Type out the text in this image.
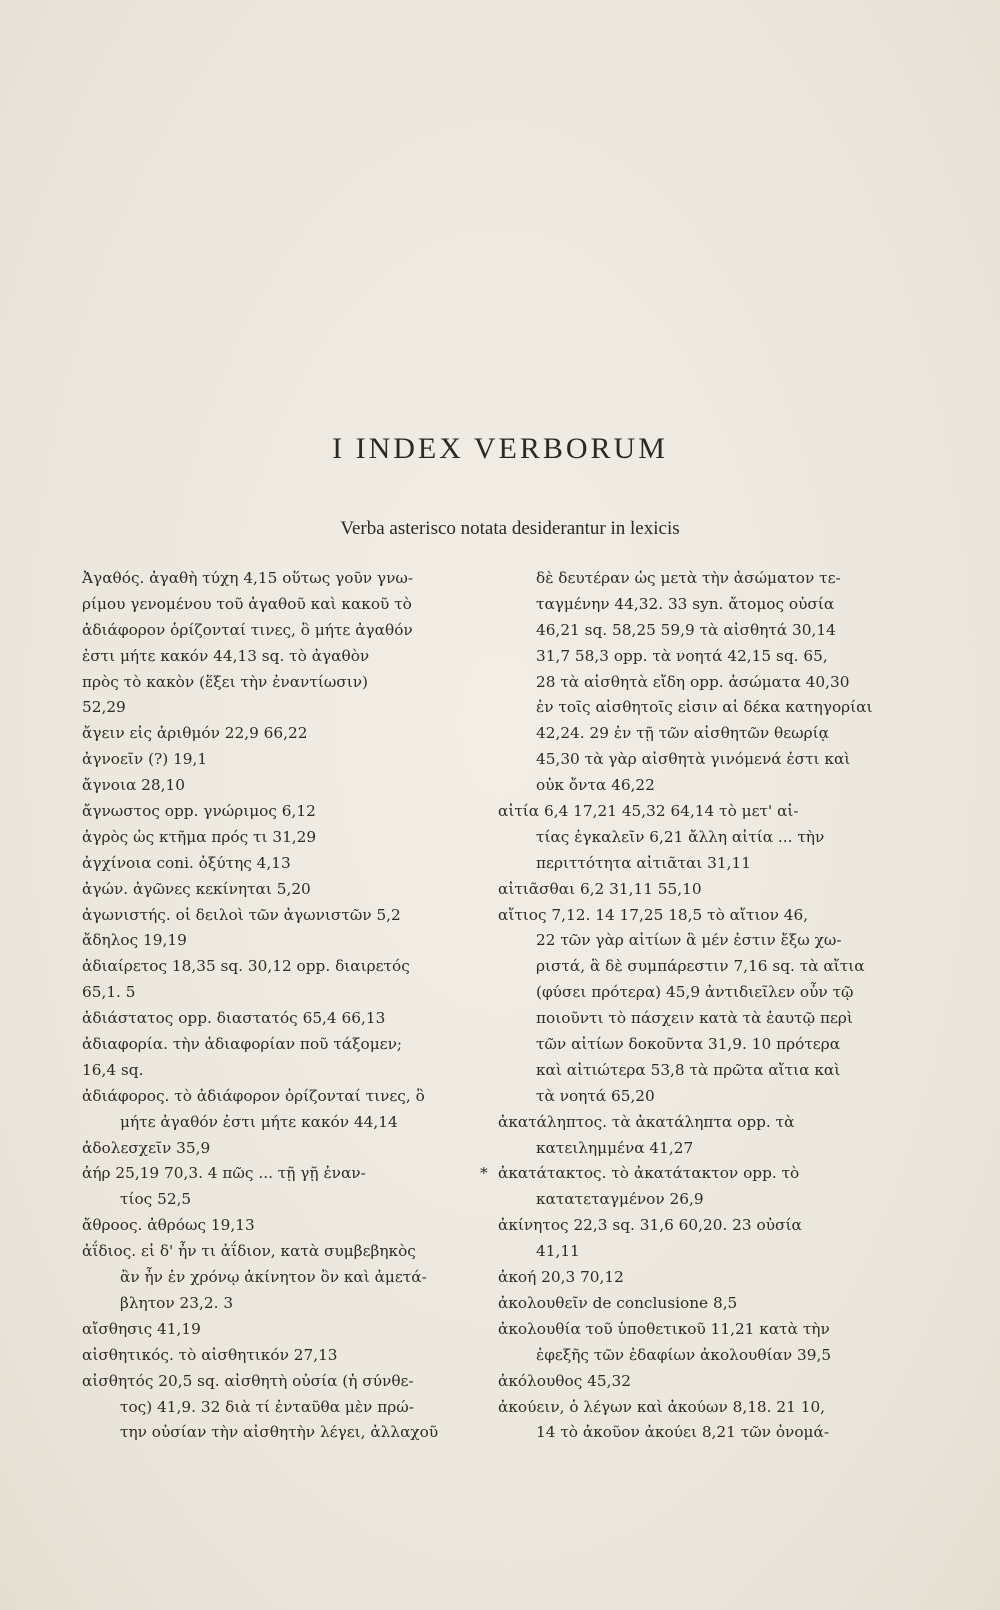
I INDEX VERBORUM
Verba asterisco notata desiderantur in lexicis
Ἀγαθός. ἀγαθὴ τύχη 4,15 οὕτως γοῦν γνω-
ρίμου γενομένου τοῦ ἀγαθοῦ καὶ κακοῦ τὸ
ἀδιάφορον ὁρίζονταί τινες, ὃ μήτε ἀγαθόν
ἐστι μήτε κακόν 44,13 sq. τὸ ἀγαθὸν
πρὸς τὸ κακὸν (ἕξει τὴν ἐναντίωσιν)
52,29
ἄγειν εἰς ἀριθμόν 22,9 66,22
ἀγνοεῖν (?) 19,1
ἄγνοια 28,10
ἄγνωστος opp. γνώριμος 6,12
ἀγρὸς ὡς κτῆμα πρός τι 31,29
ἀγχίνοια coni. ὀξύτης 4,13
ἀγών. ἀγῶνες κεκίνηται 5,20
ἀγωνιστής. οἱ δειλοὶ τῶν ἀγωνιστῶν 5,2
ἄδηλος 19,19
ἀδιαίρετος 18,35 sq. 30,12 opp. διαιρετός
65,1. 5
ἀδιάστατος opp. διαστατός 65,4 66,13
ἀδιαφορία. τὴν ἀδιαφορίαν ποῦ τάξομεν;
16,4 sq.
ἀδιάφορος. τὸ ἀδιάφορον ὁρίζονταί τινες, ὃ
μήτε ἀγαθόν ἐστι μήτε κακόν 44,14
ἀδολεσχεῖν 35,9
ἀήρ 25,19 70,3. 4 πῶς ... τῇ γῇ ἐναν-
τίος 52,5
ἄθροος. ἀθρόως 19,13
ἀΐδιος. εἰ δ' ἦν τι ἀΐδιον, κατὰ συμβεβηκὸς
ἂν ἦν ἐν χρόνῳ ἀκίνητον ὂν καὶ ἀμετά-
βλητον 23,2. 3
αἴσθησις 41,19
αἰσθητικός. τὸ αἰσθητικόν 27,13
αἰσθητός 20,5 sq. αἰσθητὴ οὐσία (ἡ σύνθε-
τος) 41,9. 32 διὰ τί ἐνταῦθα μὲν πρώ-
την οὐσίαν τὴν αἰσθητὴν λέγει, ἀλλαχοῦ
δὲ δευτέραν ὡς μετὰ τὴν ἀσώματον τε-
ταγμένην 44,32. 33 syn. ἄτομος οὐσία
46,21 sq. 58,25 59,9 τὰ αἰσθητά 30,14
31,7 58,3 opp. τὰ νοητά 42,15 sq. 65,
28 τὰ αἰσθητὰ εἴδη opp. ἀσώματα 40,30
ἐν τοῖς αἰσθητοῖς εἰσιν αἱ δέκα κατηγορίαι
42,24. 29 ἐν τῇ τῶν αἰσθητῶν θεωρίᾳ
45,30 τὰ γὰρ αἰσθητὰ γινόμενά ἐστι καὶ
οὐκ ὄντα 46,22
αἰτία 6,4 17,21 45,32 64,14 τὸ μετ' αἰ-
τίας ἐγκαλεῖν 6,21 ἄλλη αἰτία ... τὴν
περιττότητα αἰτιᾶται 31,11
αἰτιᾶσθαι 6,2 31,11 55,10
αἴτιος 7,12. 14 17,25 18,5 τὸ αἴτιον 46,
22 τῶν γὰρ αἰτίων ἃ μέν ἐστιν ἔξω χω-
ριστά, ἃ δὲ συμπάρεστιν 7,16 sq. τὰ αἴτια
(φύσει πρότερα) 45,9 ἀντιδιεῖλεν οὖν τῷ
ποιοῦντι τὸ πάσχειν κατὰ τὰ ἑαυτῷ περὶ
τῶν αἰτίων δοκοῦντα 31,9. 10 πρότερα
καὶ αἰτιώτερα 53,8 τὰ πρῶτα αἴτια καὶ
τὰ νοητά 65,20
ἀκατάληπτος. τὰ ἀκατάληπτα opp. τὰ
κατειλημμένα 41,27
* ἀκατάτακτος. τὸ ἀκατάτακτον opp. τὸ
κατατεταγμένον 26,9
ἀκίνητος 22,3 sq. 31,6 60,20. 23 οὐσία
41,11
ἀκοή 20,3 70,12
ἀκολουθεῖν de conclusione 8,5
ἀκολουθία τοῦ ὑποθετικοῦ 11,21 κατὰ τὴν
ἐφεξῆς τῶν ἐδαφίων ἀκολουθίαν 39,5
ἀκόλουθος 45,32
ἀκούειν, ὁ λέγων καὶ ἀκούων 8,18. 21 10,
14 τὸ ἀκοῦον ἀκούει 8,21 τῶν ὀνομά-
